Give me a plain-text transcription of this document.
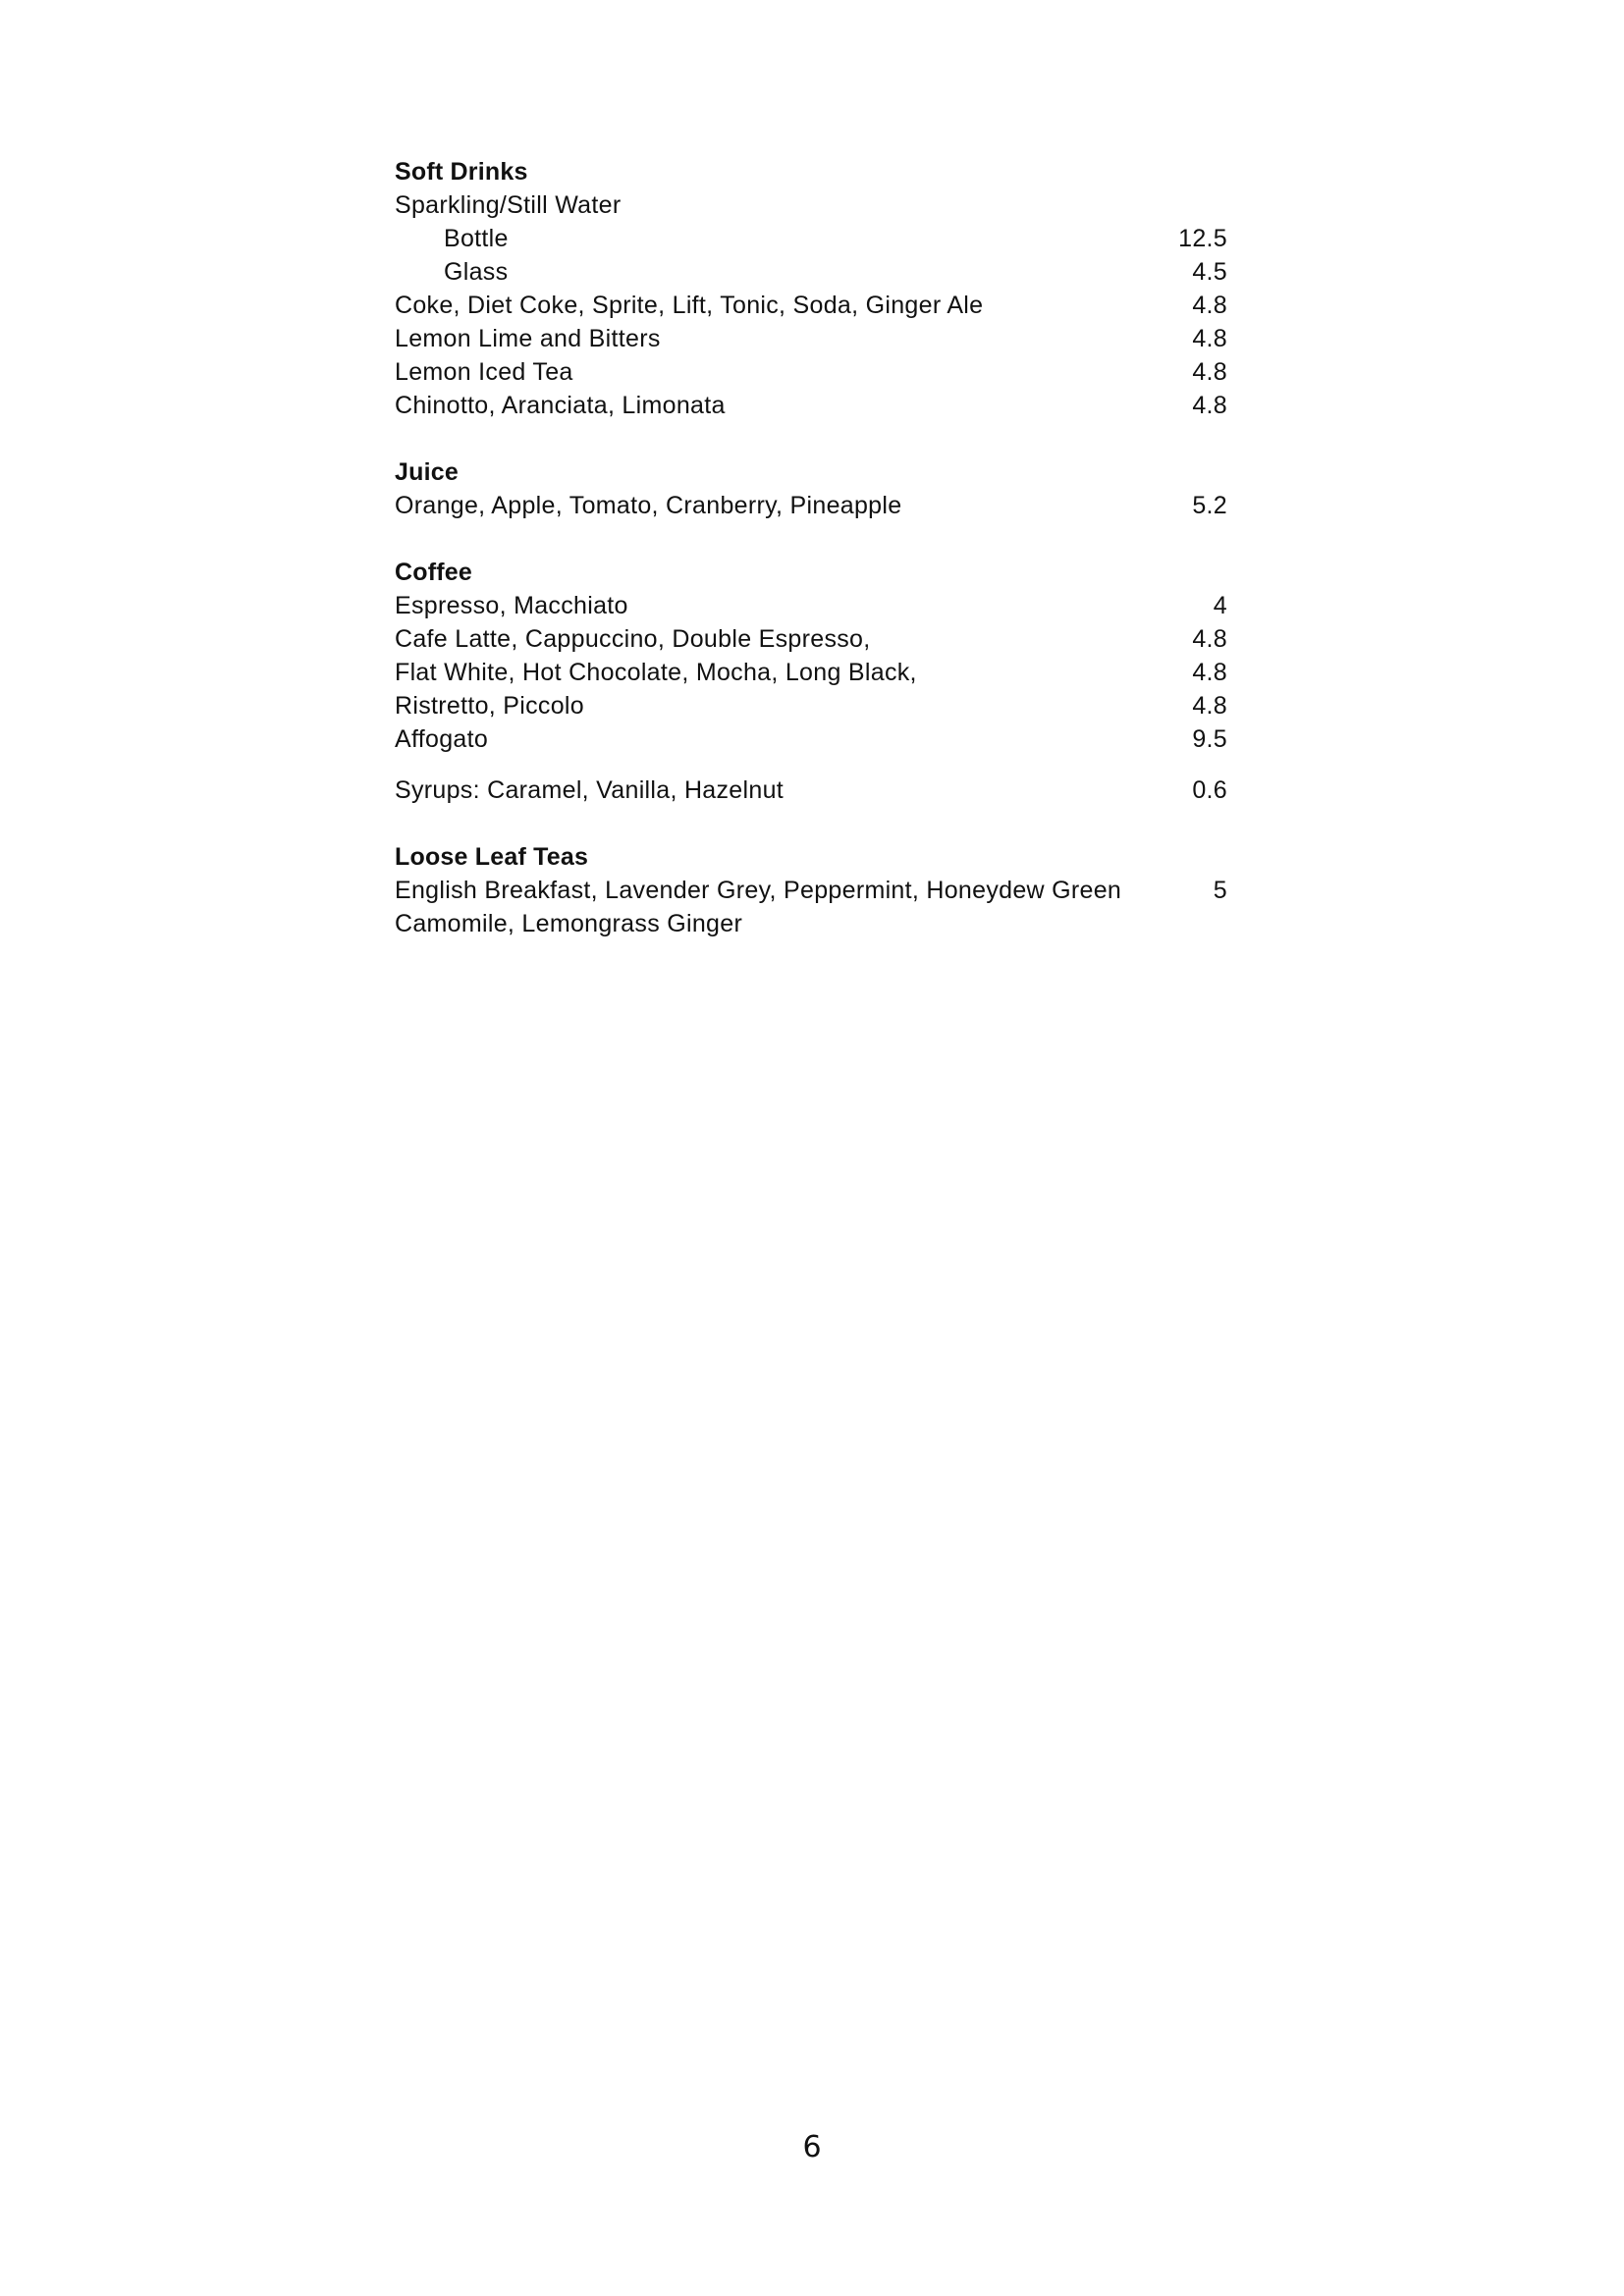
Soft Drinks
Sparkling/Still Water
Bottle	12.5
Glass	4.5
Coke, Diet Coke, Sprite, Lift, Tonic, Soda, Ginger Ale	4.8
Lemon Lime and Bitters	4.8
Lemon Iced Tea	4.8
Chinotto, Aranciata, Limonata	4.8
Juice
Orange, Apple, Tomato, Cranberry, Pineapple	5.2
Coffee
Espresso, Macchiato	4
Cafe Latte, Cappuccino, Double Espresso,	4.8
Flat White, Hot Chocolate, Mocha, Long Black,	4.8
Ristretto, Piccolo	4.8
Affogato	9.5
Syrups: Caramel, Vanilla, Hazelnut	0.6
Loose Leaf Teas
English Breakfast, Lavender Grey, Peppermint, Honeydew Green	5
Camomile, Lemongrass Ginger
6
